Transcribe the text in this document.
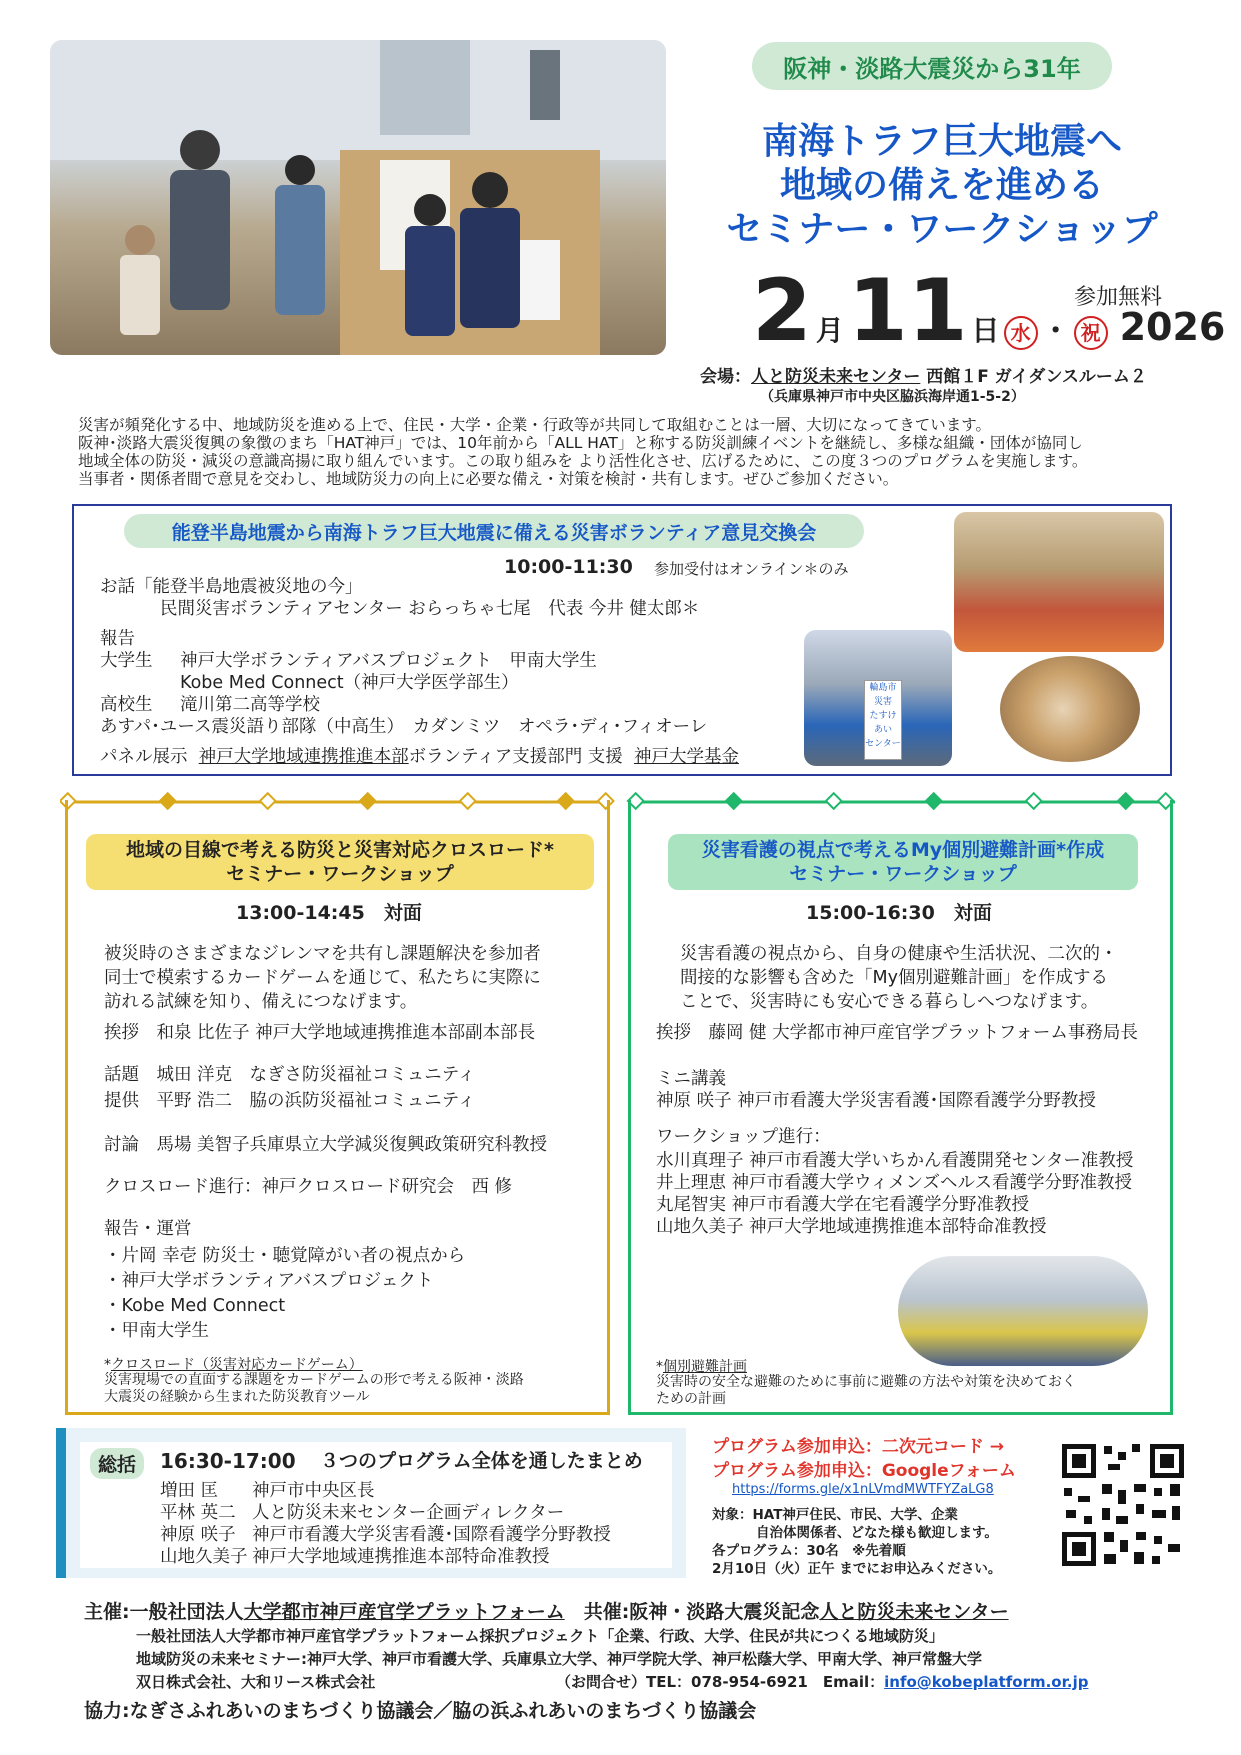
阪神・淡路大震災から31年
南海トラフ巨大地震へ
地域の備えを進める
セミナー・ワークショップ
参加無料
2 月 11 日 水 ・ 祝 2026
会場：人と防災未来センター 西館１F ガイダンスルーム２
（兵庫県神戸市中央区脇浜海岸通1-5-2）
災害が頻発化する中、地域防災を進める上で、住民・大学・企業・行政等が共同して取組むことは一層、大切になってきています。
阪神･淡路大震災復興の象徴のまち「HAT神戸」では、10年前から「ALL HAT」と称する防災訓練イベントを継続し、多様な組織・団体が協同し
地域全体の防災・減災の意識高揚に取り組んでいます。この取り組みを より活性化させ、広げるために、この度３つのプログラムを実施します。
当事者・関係者間で意見を交わし、地域防災力の向上に必要な備え・対策を検討・共有します。ぜひご参加ください。
能登半島地震から南海トラフ巨大地震に備える災害ボランティア意見交換会
10:00-11:30 参加受付はオンライン＊のみ
お話「能登半島地震被災地の今」
民間災害ボランティアセンター おらっちゃ七尾　代表 今井 健太郎＊
報告
大学生 神戸大学ボランティアバスプロジェクト　甲南大学生
Kobe Med Connect（神戸大学医学部生）
高校生 滝川第二高等学校
あすパ･ユース震災語り部隊（中高生）　カダンミツ　オペラ･ディ･フィオーレ
パネル展示 神戸大学地域連携推進本部ボランティア支援部門 支援 神戸大学基金
輪島市
災害
たすけ
あい
センター
地域の目線で考える防災と災害対応クロスロード*
セミナー・ワークショップ
13:00-14:45　対面
被災時のさまざまなジレンマを共有し課題解決を参加者
同士で模索するカードゲームを通じて、私たちに実際に
訪れる試練を知り、備えにつなげます。
挨拶　和泉 比佐子 神戸大学地域連携推進本部副本部長
話題　城田 洋克　なぎさ防災福祉コミュニティ
提供　平野 浩二　脇の浜防災福祉コミュニティ
討論　馬場 美智子兵庫県立大学減災復興政策研究科教授
クロスロード進行：神戸クロスロード研究会　西 修
報告・運営
・片岡 幸壱 防災士・聴覚障がい者の視点から
・神戸大学ボランティアバスプロジェクト
・Kobe Med Connect
・甲南大学生
*クロスロード（災害対応カードゲーム）
災害現場での直面する課題をカードゲームの形で考える阪神・淡路
大震災の経験から生まれた防災教育ツール
災害看護の視点で考えるMy個別避難計画*作成
セミナー・ワークショップ
15:00-16:30　対面
災害看護の視点から、自身の健康や生活状況、二次的・
間接的な影響も含めた「My個別避難計画」を作成する
ことで、災害時にも安心できる暮らしへつなげます。
挨拶　藤岡 健 大学都市神戸産官学プラットフォーム事務局長
ミニ講義
神原 咲子 神戸市看護大学災害看護･国際看護学分野教授
ワークショップ進行：
水川真理子 神戸市看護大学いちかん看護開発センター准教授
井上理恵 神戸市看護大学ウィメンズヘルス看護学分野准教授
丸尾智実 神戸市看護大学在宅看護学分野准教授
山地久美子 神戸大学地域連携推進本部特命准教授
*個別避難計画
災害時の安全な避難のために事前に避難の方法や対策を決めておく
ための計画
総括	16:30-17:00 ３つのプログラム全体を通したまとめ
増田 匡
平林 英二
神原 咲子
山地久美子
神戸市中央区長
人と防災未来センター企画ディレクター
神戸市看護大学災害看護･国際看護学分野教授
神戸大学地域連携推進本部特命准教授
プログラム参加申込：二次元コード →
プログラム参加申込：Googleフォーム
https://forms.gle/x1nLVmdMWTFYZaLG8
対象：HAT神戸住民、市民、大学、企業
自治体関係者、どなた様も歓迎します。
各プログラム：30名　※先着順
2月10日（火）正午 までにお申込みください。
主催:一般社団法人大学都市神戸産官学プラットフォーム　共催:阪神・淡路大震災記念人と防災未来センター
一般社団法人大学都市神戸産官学プラットフォーム採択プロジェクト「企業、行政、大学、住民が共につくる地域防災」
地域防災の未来セミナー:神戸大学、神戸市看護大学、兵庫県立大学、神戸学院大学、神戸松蔭大学、甲南大学、神戸常盤大学
双日株式会社、大和リース株式会社	（お問合せ）TEL：078-954-6921　Email：info@kobeplatform.or.jp
協力:なぎさふれあいのまちづくり協議会／脇の浜ふれあいのまちづくり協議会
